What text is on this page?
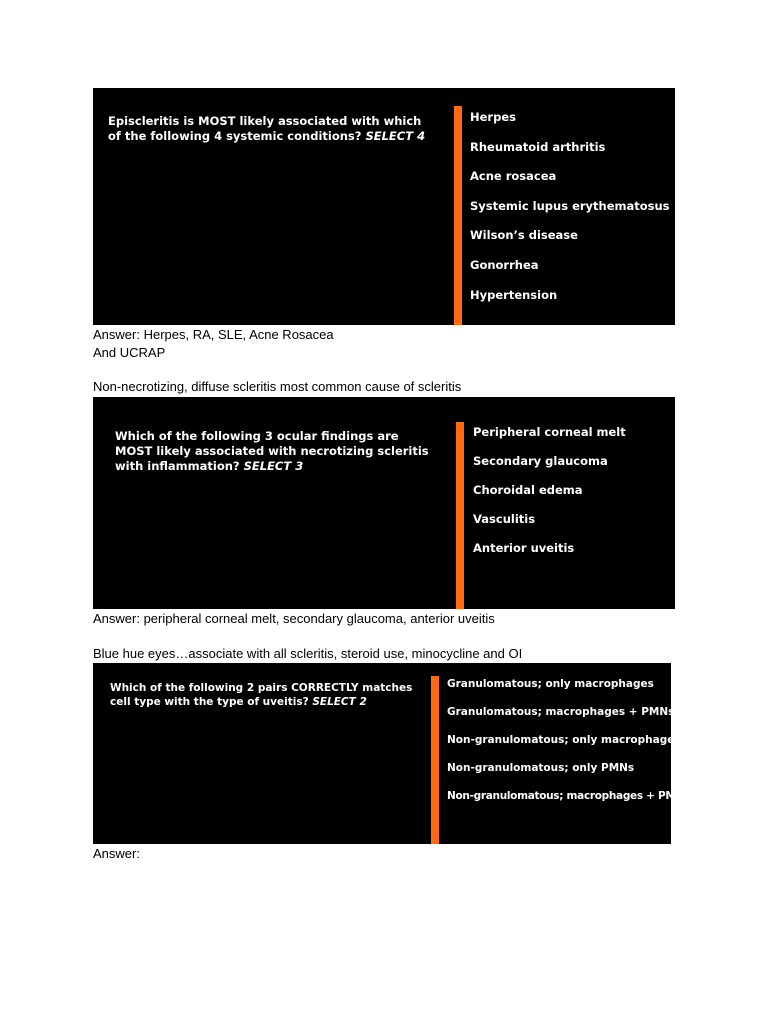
Episcleritis is MOST likely associated with which of the following 4 systemic conditions? SELECT 4
Herpes
Rheumatoid arthritis
Acne rosacea
Systemic lupus erythematosus
Wilson’s disease
Gonorrhea
Hypertension
Answer: Herpes, RA, SLE, Acne Rosacea
And UCRAP
Non-necrotizing, diffuse scleritis most common cause of scleritis
Which of the following 3 ocular findings are MOST likely associated with necrotizing scleritis with inflammation? SELECT 3
Peripheral corneal melt
Secondary glaucoma
Choroidal edema
Vasculitis
Anterior uveitis
Answer: peripheral corneal melt, secondary glaucoma, anterior uveitis
Blue hue eyes…associate with all scleritis, steroid use, minocycline and OI
Which of the following 2 pairs CORRECTLY matches cell type with the type of uveitis? SELECT 2
Granulomatous; only macrophages
Granulomatous; macrophages + PMNs
Non-granulomatous; only macrophages
Non-granulomatous; only PMNs
Non-granulomatous; macrophages + PMNs
Answer:
